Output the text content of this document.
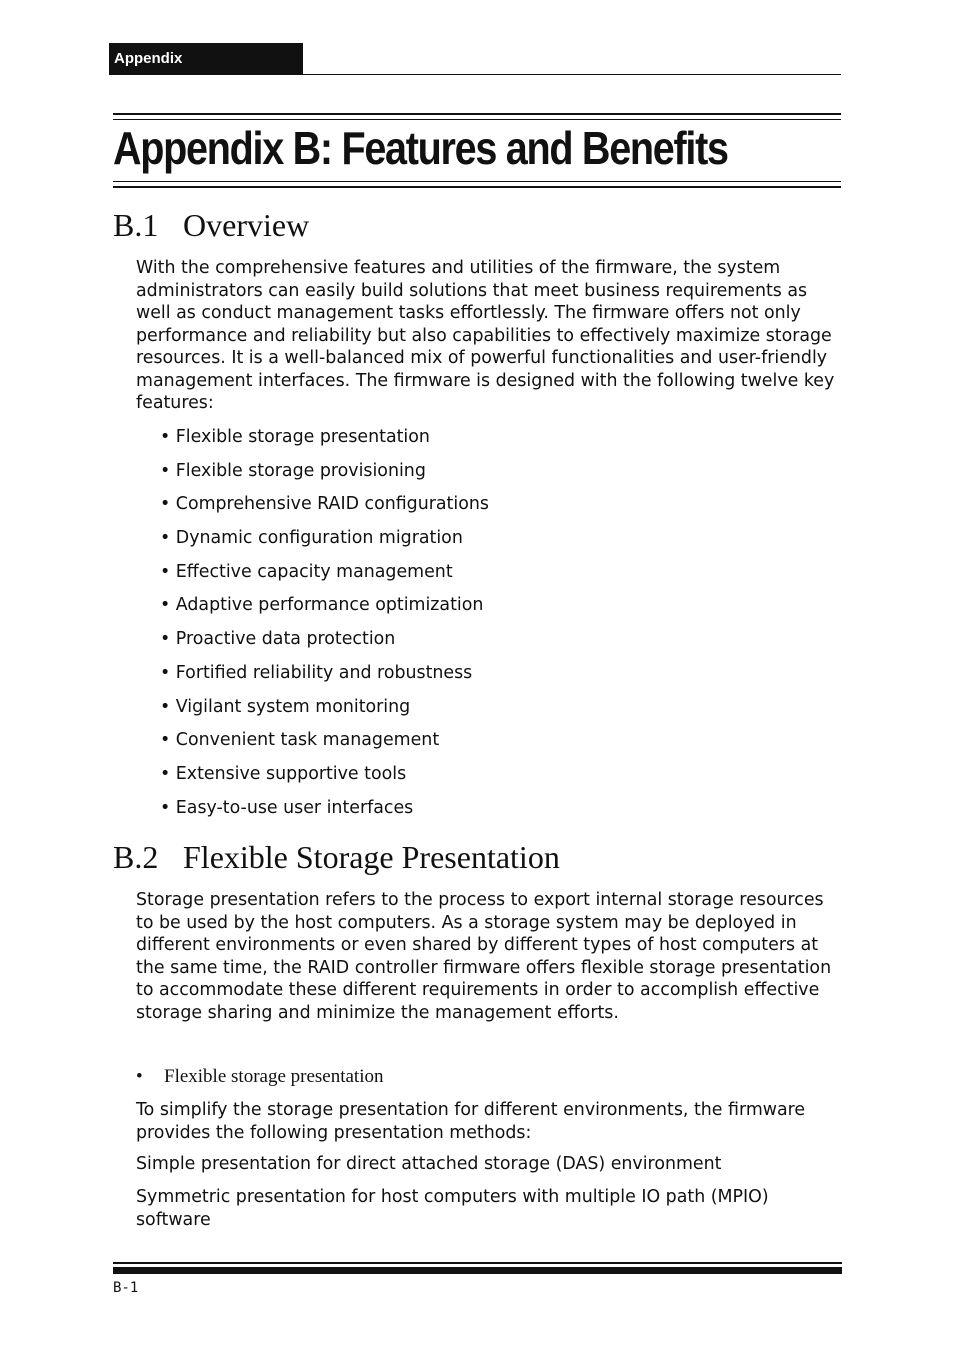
Appendix
Appendix B: Features and Benefits
B.1 Overview
With the comprehensive features and utilities of the firmware, the system administrators can easily build solutions that meet business requirements as well as conduct management tasks effortlessly. The firmware offers not only performance and reliability but also capabilities to effectively maximize storage resources. It is a well-balanced mix of powerful functionalities and user-friendly management interfaces. The firmware is designed with the following twelve key features:
• Flexible storage presentation
• Flexible storage provisioning
• Comprehensive RAID configurations
• Dynamic configuration migration
• Effective capacity management
• Adaptive performance optimization
• Proactive data protection
• Fortified reliability and robustness
• Vigilant system monitoring
• Convenient task management
• Extensive supportive tools
• Easy-to-use user interfaces
B.2 Flexible Storage Presentation
Storage presentation refers to the process to export internal storage resources to be used by the host computers. As a storage system may be deployed in different environments or even shared by different types of host computers at the same time, the RAID controller firmware offers flexible storage presentation to accommodate these different requirements in order to accomplish effective storage sharing and minimize the management efforts.
• Flexible storage presentation
To simplify the storage presentation for different environments, the firmware provides the following presentation methods:
Simple presentation for direct attached storage (DAS) environment
Symmetric presentation for host computers with multiple IO path (MPIO) software
B-1
